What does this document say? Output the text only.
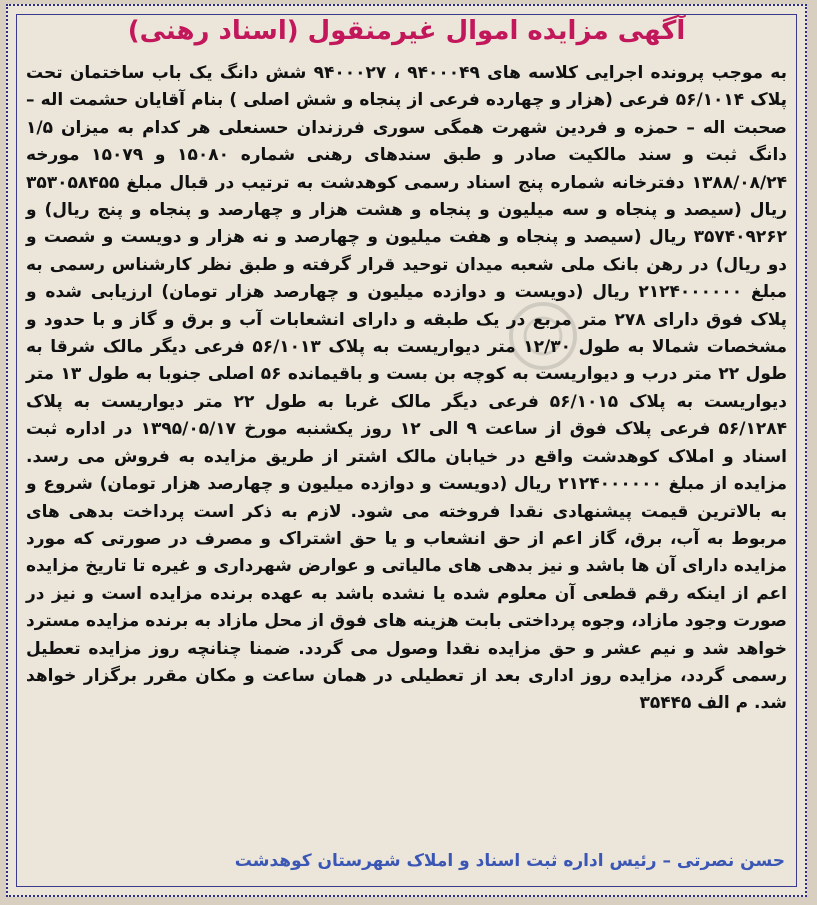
آگهی مزایده اموال غیرمنقول (اسناد رهنی)
به موجب پرونده اجرایی کلاسه های ۹۴۰۰۰۴۹ ، ۹۴۰۰۰۲۷ شش دانگ یک باب ساختمان تحت پلاک ۵۶/۱۰۱۴ فرعی (هزار و چهارده فرعی از پنجاه و شش اصلی ) بنام آقایان حشمت اله – صحبت اله – حمزه و فردین شهرت همگی سوری فرزندان حسنعلی هر کدام به میزان ۱/۵ دانگ ثبت و سند مالکیت صادر و طبق سندهای رهنی شماره ۱۵۰۸۰ و ۱۵۰۷۹ مورخه ۱۳۸۸/۰۸/۲۴ دفترخانه شماره پنج اسناد رسمی کوهدشت به ترتیب در قبال مبلغ ۳۵۳۰۵۸۴۵۵ ریال (سیصد و پنجاه و سه میلیون و پنجاه و هشت هزار و چهارصد و پنجاه و پنج ریال) و ۳۵۷۴۰۹۲۶۲ ریال (سیصد و پنجاه و هفت میلیون و چهارصد و نه هزار و دویست و شصت و دو ریال) در رهن بانک ملی شعبه میدان توحید قرار گرفته و طبق نظر کارشناس رسمی به مبلغ ۲۱۲۴۰۰۰۰۰۰ ریال (دویست و دوازده میلیون و چهارصد هزار تومان) ارزیابی شده و پلاک فوق دارای ۲۷۸ متر مربع در یک طبقه و دارای انشعابات آب و برق و گاز و با حدود و مشخصات شمالا به طول ۱۲/۳۰ متر دیواریست به پلاک ۵۶/۱۰۱۳ فرعی دیگر مالک شرقا به طول ۲۲ متر درب و دیواریست به کوچه بن بست و باقیمانده ۵۶ اصلی جنوبا به طول ۱۳ متر دیواریست به پلاک ۵۶/۱۰۱۵ فرعی دیگر مالک غربا به طول ۲۲ متر دیواریست به پلاک ۵۶/۱۲۸۴ فرعی پلاک فوق از ساعت ۹ الی ۱۲ روز یکشنبه مورخ ۱۳۹۵/۰۵/۱۷ در اداره ثبت اسناد و املاک کوهدشت واقع در خیابان مالک اشتر از طریق مزایده به فروش می رسد. مزایده از مبلغ ۲۱۲۴۰۰۰۰۰۰ ریال (دویست و دوازده میلیون و چهارصد هزار تومان) شروع و به بالاترین قیمت پیشنهادی نقدا فروخته می شود. لازم به ذکر است پرداخت بدهی های مربوط به آب، برق، گاز اعم از حق انشعاب و یا حق اشتراک و مصرف در صورتی که مورد مزایده دارای آن ها باشد و نیز بدهی های مالیاتی و عوارض شهرداری و غیره تا تاریخ مزایده اعم از اینکه رقم قطعی آن معلوم شده یا نشده باشد به عهده برنده مزایده است و نیز در صورت وجود مازاد، وجوه پرداختی بابت هزینه های فوق از محل مازاد به برنده مزایده مسترد خواهد شد و نیم عشر و حق مزایده نقدا وصول می گردد. ضمنا چنانچه روز مزایده تعطیل رسمی گردد، مزایده روز اداری بعد از تعطیلی در همان ساعت و مکان مقرر برگزار خواهد شد. م الف ۳۵۴۴۵
حسن نصرتی – رئیس اداره ثبت اسناد و املاک شهرستان کوهدشت
